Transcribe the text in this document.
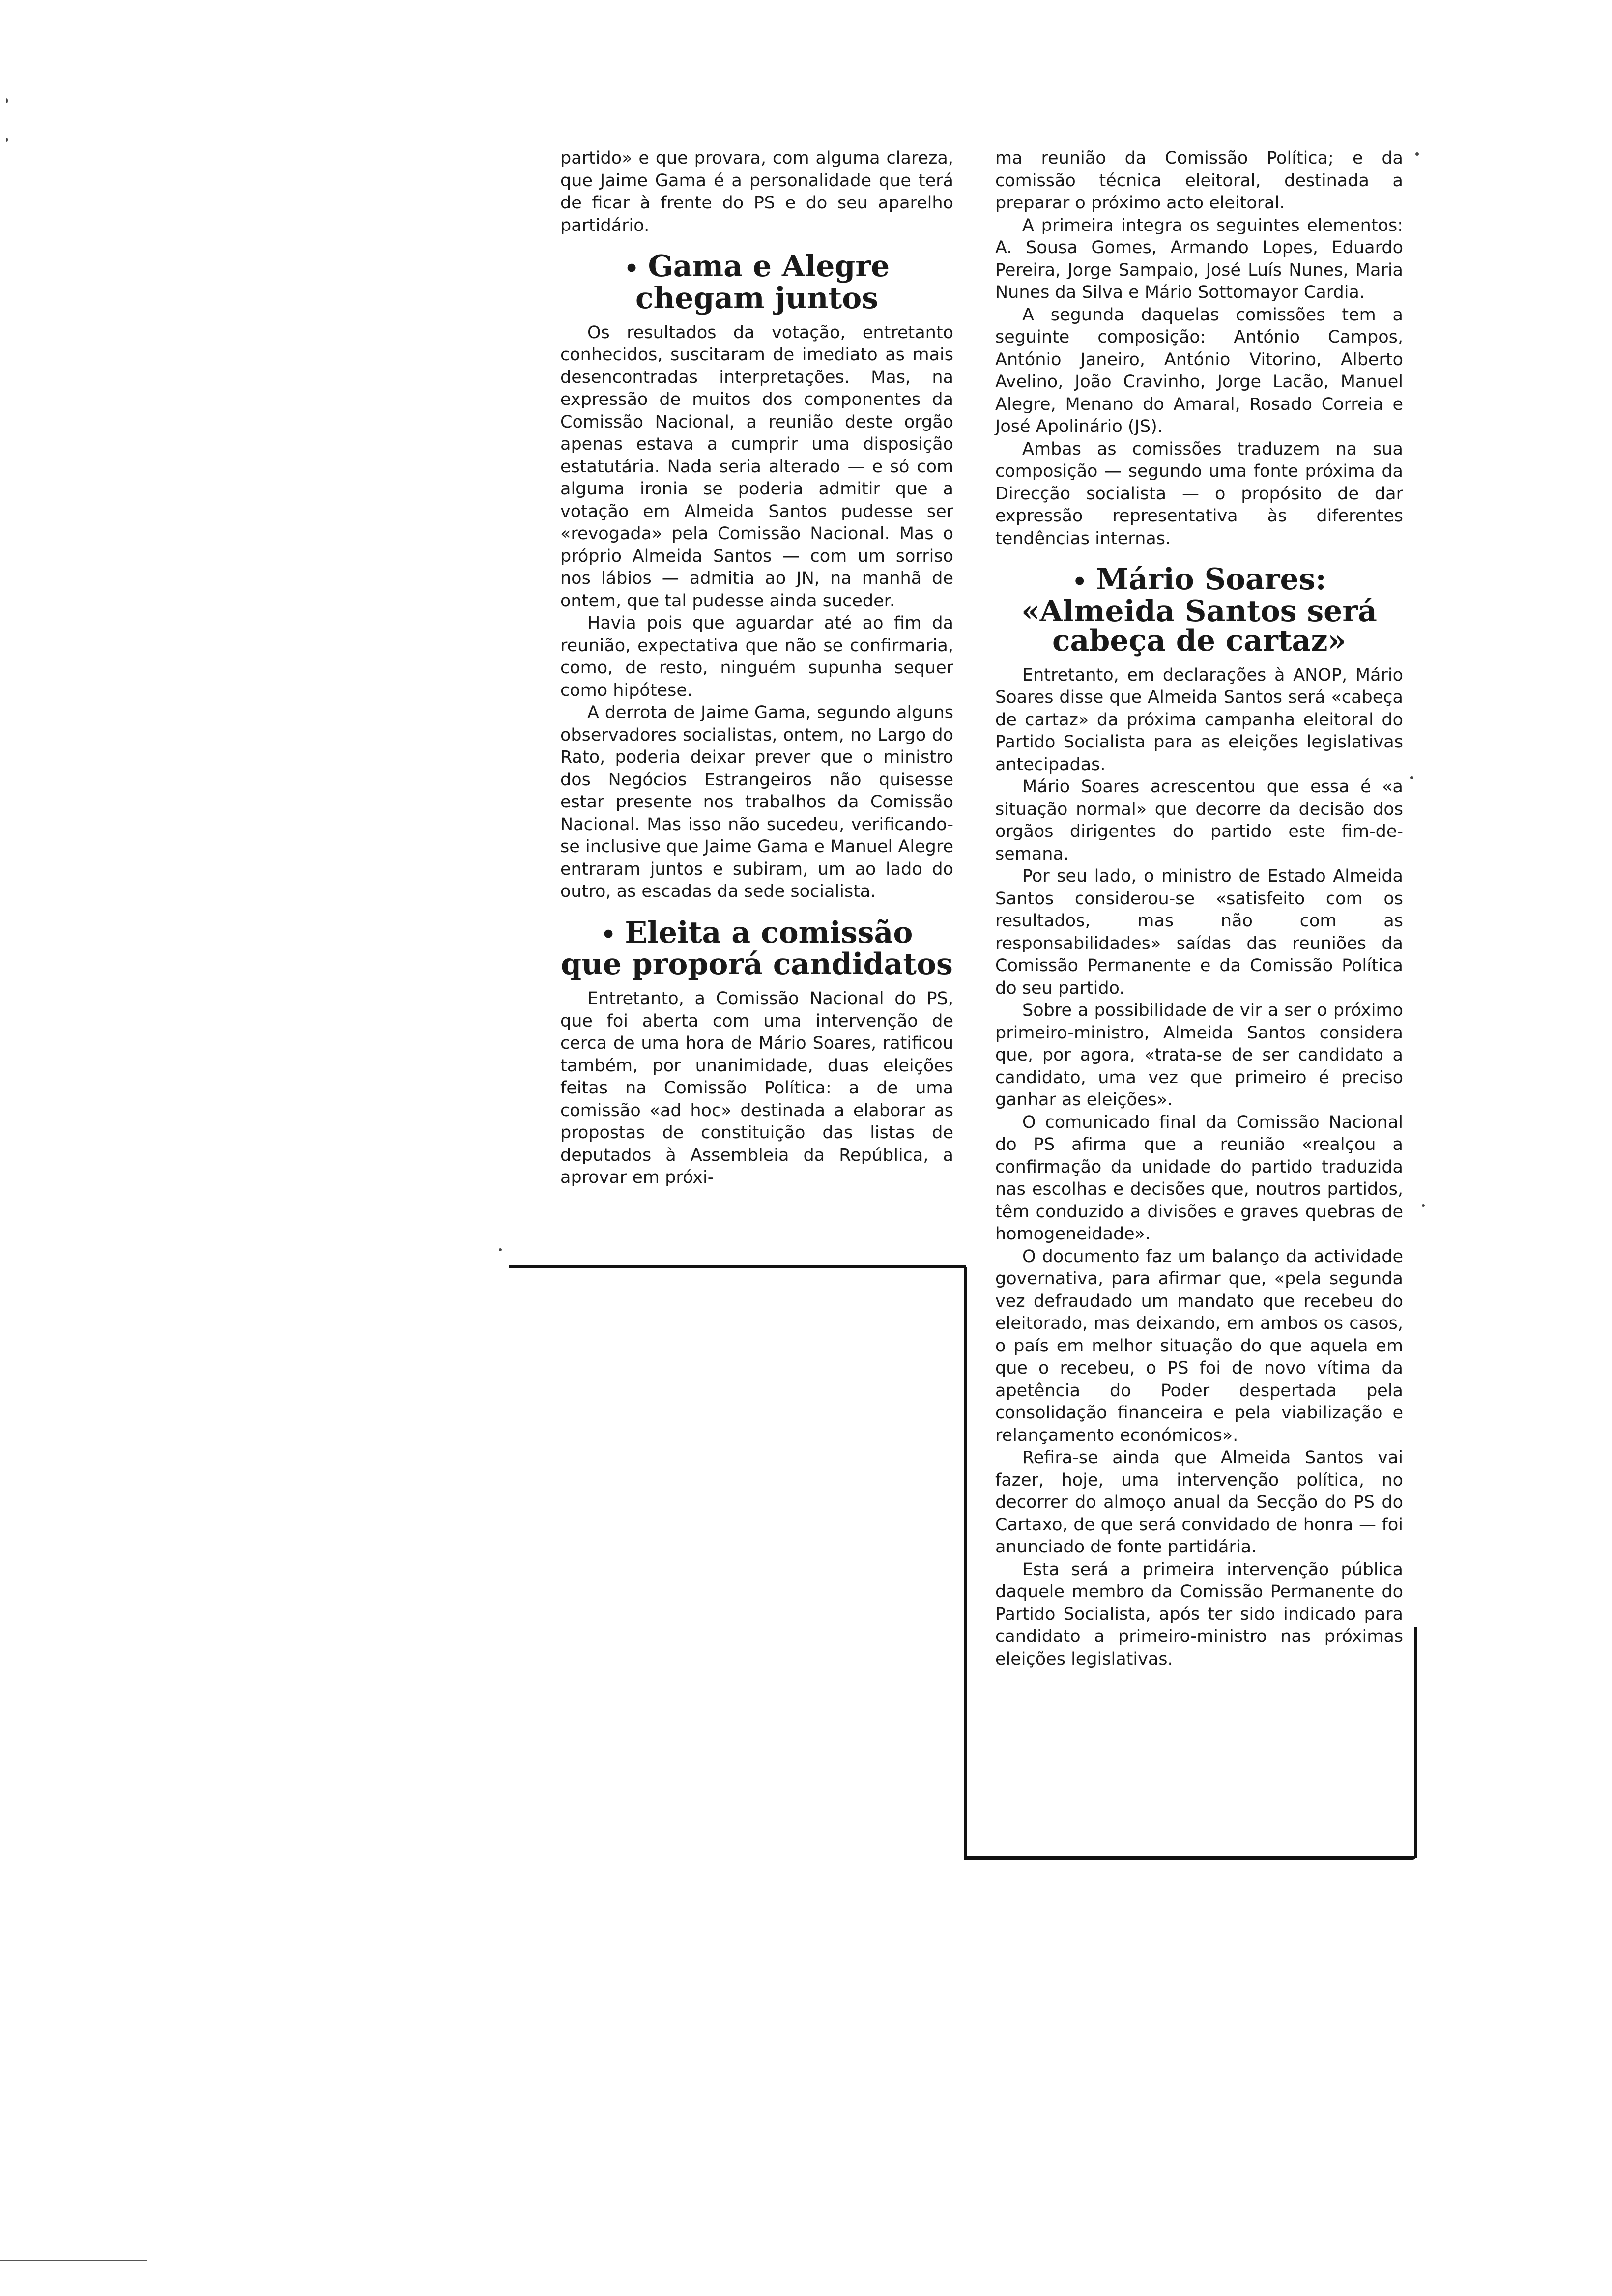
partido» e que provara, com alguma clareza, que Jaime Gama é a personalidade que terá de ficar à frente do PS e do seu aparelho partidário.

• Gama e Alegre
chegam juntos

Os resultados da votação, entretanto conhecidos, suscitaram de imediato as mais desencontradas interpretações. Mas, na expressão de muitos dos componentes da Comissão Nacional, a reunião deste orgão apenas estava a cumprir uma disposição estatutária. Nada seria alterado — e só com alguma ironia se poderia admitir que a votação em Almeida Santos pudesse ser «revogada» pela Comissão Nacional. Mas o próprio Almeida Santos — com um sorriso nos lábios — admitia ao JN, na manhã de ontem, que tal pudesse ainda suceder.

Havia pois que aguardar até ao fim da reunião, expectativa que não se confirmaria, como, de resto, ninguém supunha sequer como hipótese.

A derrota de Jaime Gama, segundo alguns observadores socialistas, ontem, no Largo do Rato, poderia deixar prever que o ministro dos Negócios Estrangeiros não quisesse estar presente nos trabalhos da Comissão Nacional. Mas isso não sucedeu, verificando-se inclusive que Jaime Gama e Manuel Alegre entraram juntos e subiram, um ao lado do outro, as escadas da sede socialista.

• Eleita a comissão
que proporá candidatos

Entretanto, a Comissão Nacional do PS, que foi aberta com uma intervenção de cerca de uma hora de Mário Soares, ratificou também, por unanimidade, duas eleições feitas na Comissão Política: a de uma comissão «ad hoc» destinada a elaborar as propostas de constituição das listas de deputados à Assembleia da República, a aprovar em próxi-

ma reunião da Comissão Política; e da comissão técnica eleitoral, destinada a preparar o próximo acto eleitoral.

A primeira integra os seguintes elementos: A. Sousa Gomes, Armando Lopes, Eduardo Pereira, Jorge Sampaio, José Luís Nunes, Maria Nunes da Silva e Mário Sottomayor Cardia.

A segunda daquelas comissões tem a seguinte composição: António Campos, António Janeiro, António Vitorino, Alberto Avelino, João Cravinho, Jorge Lacão, Manuel Alegre, Menano do Amaral, Rosado Correia e José Apolinário (JS).

Ambas as comissões traduzem na sua composição — segundo uma fonte próxima da Direcção socialista — o propósito de dar expressão representativa às diferentes tendências internas.

• Mário Soares:
«Almeida Santos será
cabeça de cartaz»

Entretanto, em declarações à ANOP, Mário Soares disse que Almeida Santos será «cabeça de cartaz» da próxima campanha eleitoral do Partido Socialista para as eleições legislativas antecipadas.

Mário Soares acrescentou que essa é «a situação normal» que decorre da decisão dos orgãos dirigentes do partido este fim-de-semana.

Por seu lado, o ministro de Estado Almeida Santos considerou-se «satisfeito com os resultados, mas não com as responsabilidades» saídas das reuniões da Comissão Permanente e da Comissão Política do seu partido.

Sobre a possibilidade de vir a ser o próximo primeiro-ministro, Almeida Santos considera que, por agora, «trata-se de ser candidato a candidato, uma vez que primeiro é preciso ganhar as eleições».

O comunicado final da Comissão Nacional do PS afirma que a reunião «realçou a confirmação da unidade do partido traduzida nas escolhas e decisões que, noutros partidos, têm conduzido a divisões e graves quebras de homogeneidade».

O documento faz um balanço da actividade governativa, para afirmar que, «pela segunda vez defraudado um mandato que recebeu do eleitorado, mas deixando, em ambos os casos, o país em melhor situação do que aquela em que o recebeu, o PS foi de novo vítima da apetência do Poder despertada pela consolidação financeira e pela viabilização e relançamento económicos».

Refira-se ainda que Almeida Santos vai fazer, hoje, uma intervenção política, no decorrer do almoço anual da Secção do PS do Cartaxo, de que será convidado de honra — foi anunciado de fonte partidária.

Esta será a primeira intervenção pública daquele membro da Comissão Permanente do Partido Socialista, após ter sido indicado para candidato a primeiro-ministro nas próximas eleições legislativas.
